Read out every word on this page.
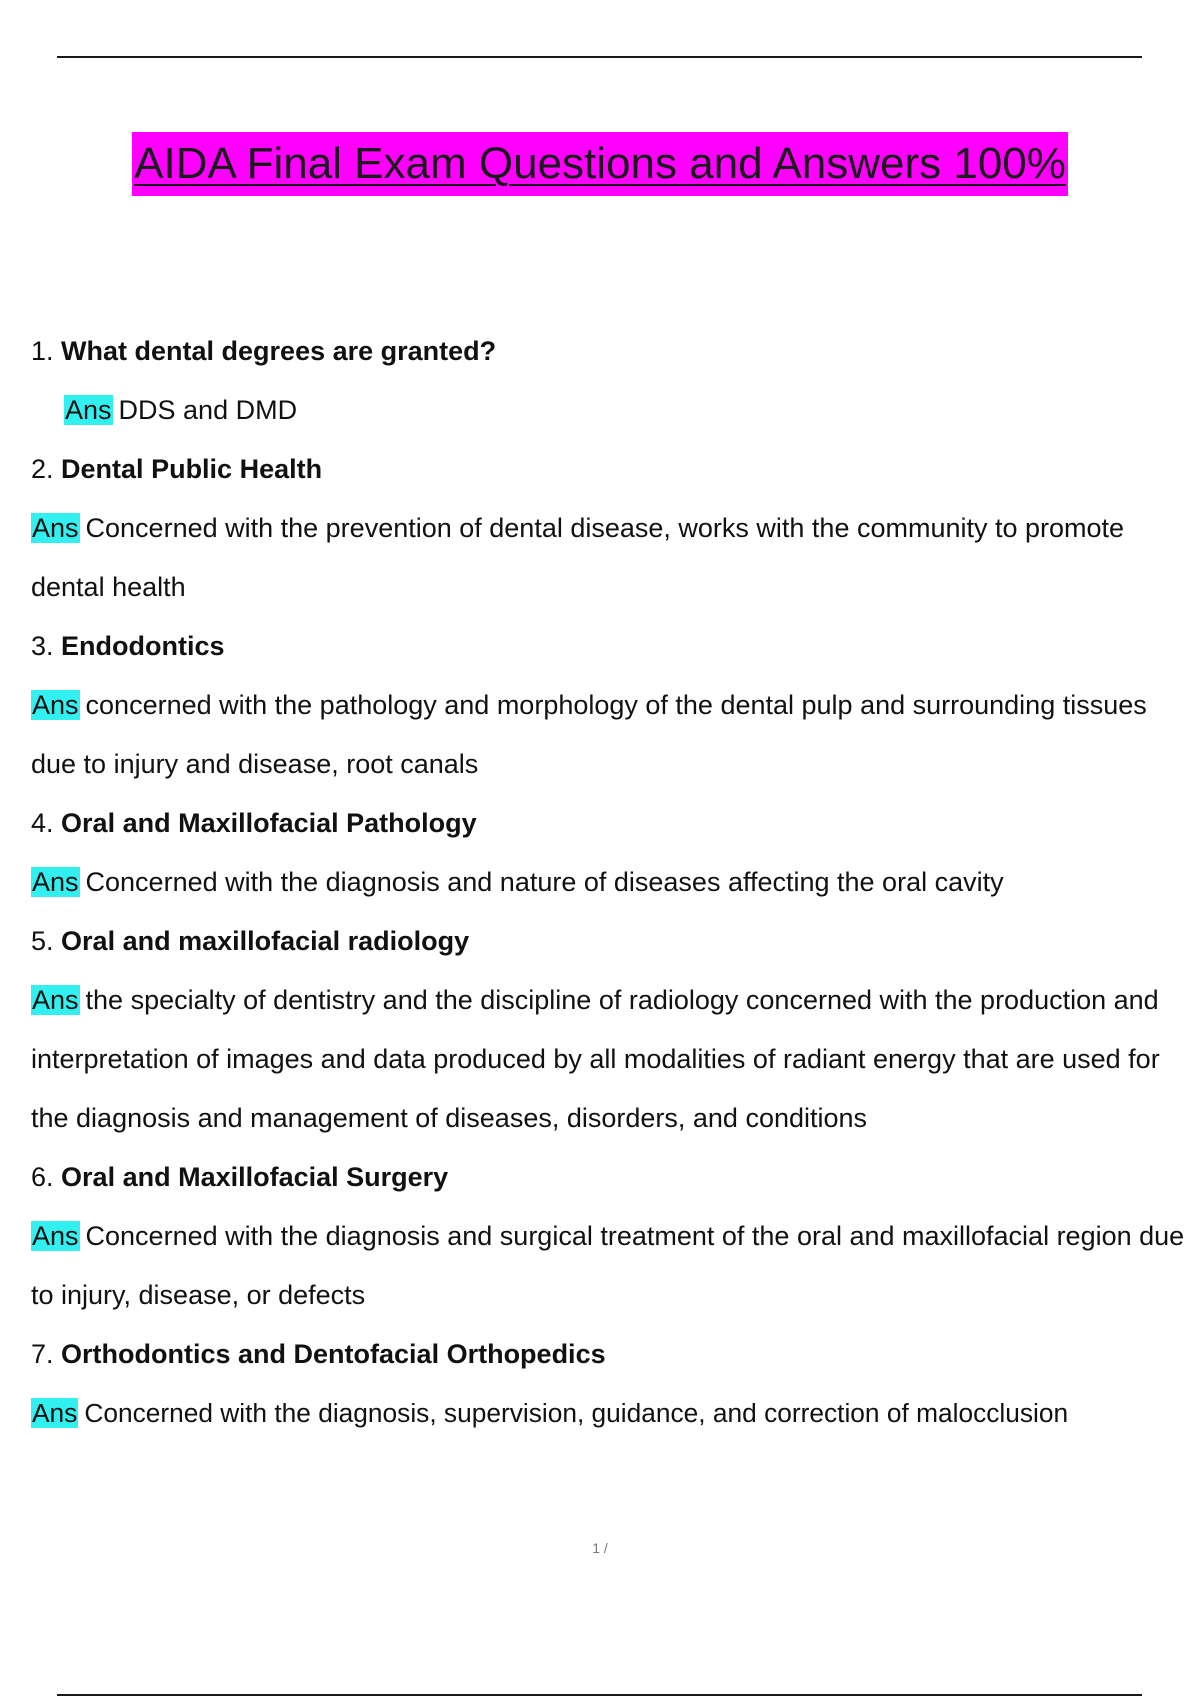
AIDA Final Exam Questions and Answers 100%

1. What dental degrees are granted?

Ans DDS and DMD

2. Dental Public Health

Ans Concerned with the prevention of dental disease, works with the community to promote dental health

3. Endodontics

Ans concerned with the pathology and morphology of the dental pulp and surrounding tissues due to injury and disease, root canals

4. Oral and Maxillofacial Pathology

Ans Concerned with the diagnosis and nature of diseases affecting the oral cavity

5. Oral and maxillofacial radiology

Ans the specialty of dentistry and the discipline of radiology concerned with the production and interpretation of images and data produced by all modalities of radiant energy that are used for the diagnosis and management of diseases, disorders, and conditions

6. Oral and Maxillofacial Surgery

Ans Concerned with the diagnosis and surgical treatment of the oral and maxillofacial region due to injury, disease, or defects

7. Orthodontics and Dentofacial Orthopedics

Ans Concerned with the diagnosis, supervision, guidance, and correction of malocclusion

1 /
